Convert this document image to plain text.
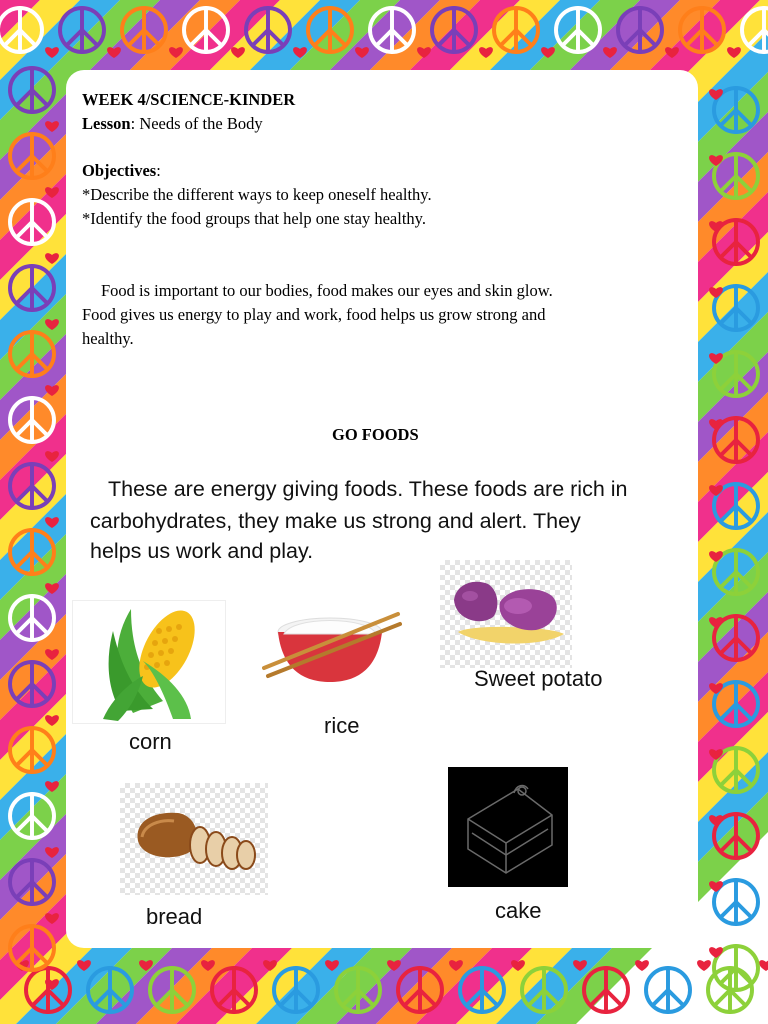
WEEK 4/SCIENCE-KINDER
Lesson: Needs of the Body
Objectives:
*Describe the different ways to keep oneself healthy.
*Identify the food groups that help one stay healthy.
Food is important to our bodies, food makes our eyes and skin glow.
Food gives us energy to play and work, food helps us grow strong and
healthy.
GO FOODS
These are energy giving foods. These foods are rich in
carbohydrates, they make us strong and alert. They
helps us work and play.
corn
rice
Sweet potato
bread	cake
